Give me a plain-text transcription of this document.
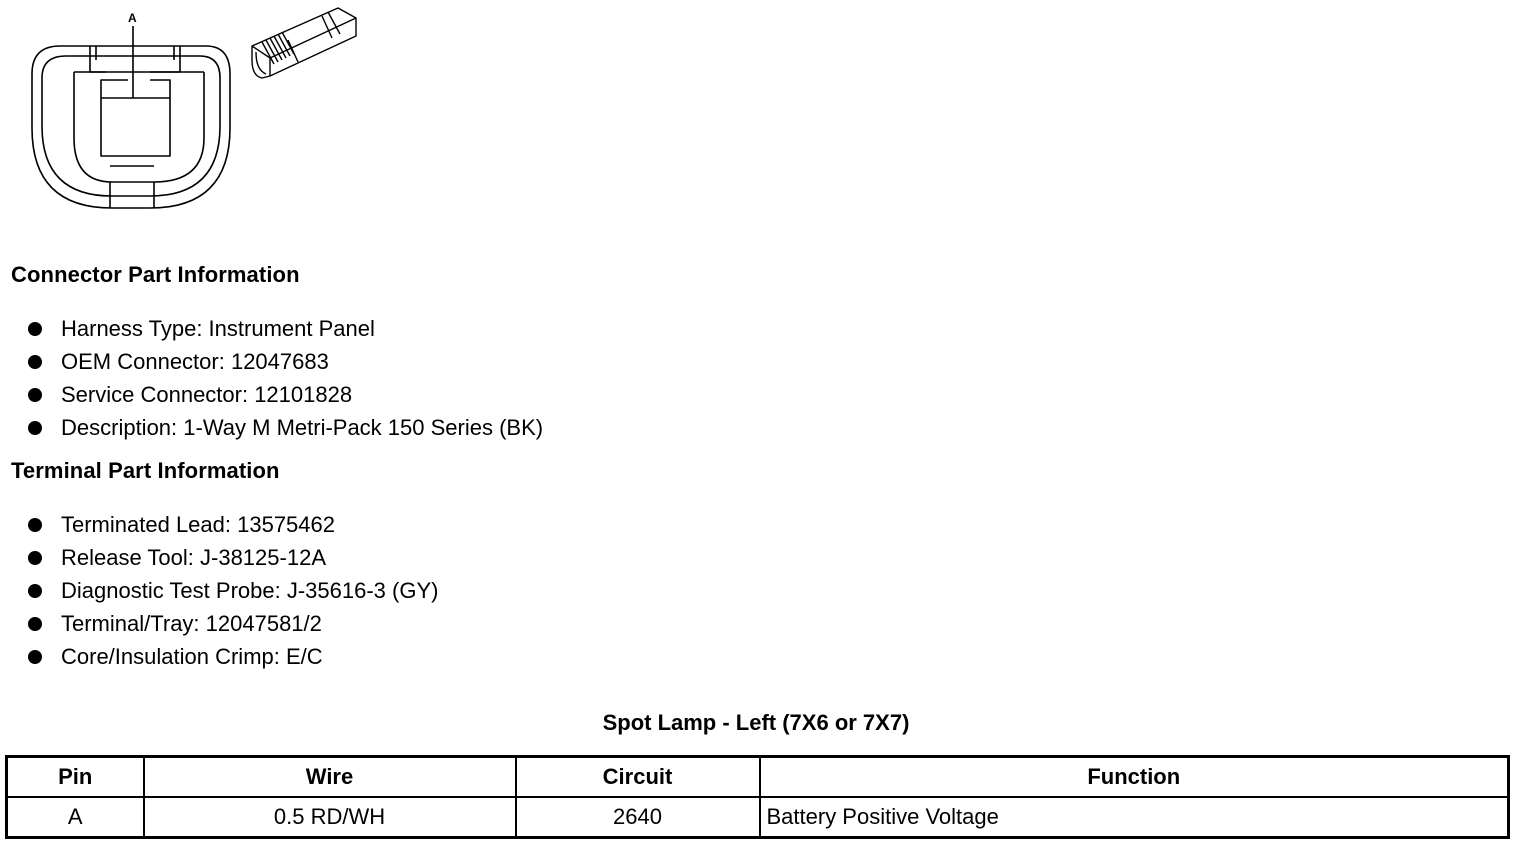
A
Connector Part Information
Harness Type: Instrument Panel
OEM Connector: 12047683
Service Connector: 12101828
Description: 1-Way M Metri-Pack 150 Series (BK)
Terminal Part Information
Terminated Lead: 13575462
Release Tool: J-38125-12A
Diagnostic Test Probe: J-35616-3 (GY)
Terminal/Tray: 12047581/2
Core/Insulation Crimp: E/C
Spot Lamp - Left (7X6 or 7X7)
Pin	Wire	Circuit	Function
A	0.5 RD/WH	2640	Battery Positive Voltage
